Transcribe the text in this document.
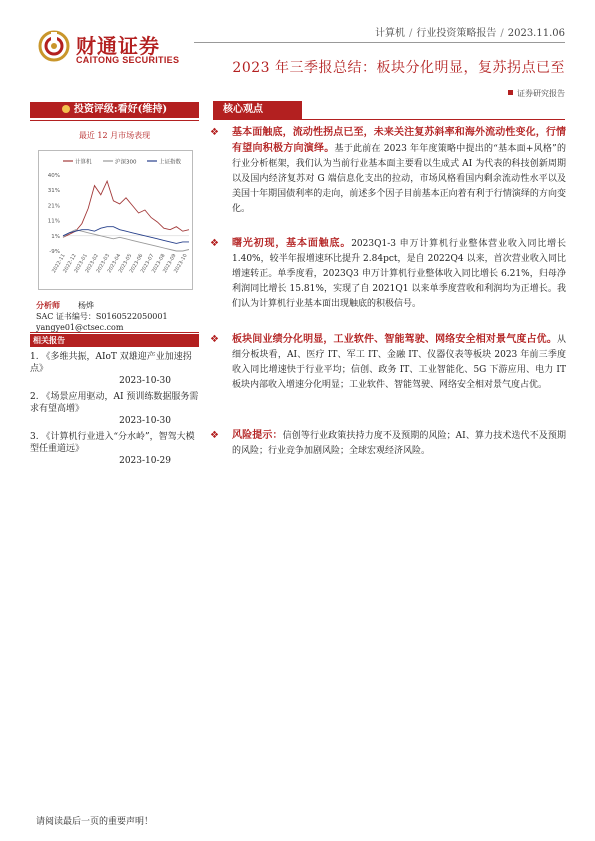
财通证券
CAITONG SECURITIES
计算机 / 行业投资策略报告 / 2023.11.06
2023 年三季报总结：板块分化明显，复苏拐点已至
证券研究报告
投资评级:看好(维持)
最近 12 月市场表现
计算机	沪深300	上证指数
40%
31%
21%
11%
1%
-9%
2022-11
2022-12
2023-01
2023-02
2023-03
2023-04
2023-05
2023-06
2023-07
2023-08
2023-09
2023-10
分析师 杨烨
SAC 证书编号：S0160522050001
yangye01@ctsec.com
相关报告
1. 《多维共振，AIoT 双雄迎产业加速拐点》
2023-10-30
2. 《场景应用驱动，AI 预训练数据服务需求有望高增》
2023-10-30
3. 《计算机行业进入“分水岭”，智驾大模型任重道远》
2023-10-29
核心观点
❖ 基本面触底，流动性拐点已至，未来关注复苏斜率和海外流动性变化，行情有望向积极方向演绎。基于此前在 2023 年年度策略中提出的“基本面+风格”的行业分析框架，我们认为当前行业基本面主要看以生成式 AI 为代表的科技创新周期以及国内经济复苏对 G 端信息化支出的拉动，市场风格看国内剩余流动性水平以及美国十年期国债利率的走向，前述多个因子目前基本正向着有利于行情演绎的方向变化。
❖ 曙光初现，基本面触底。2023Q1-3 申万计算机行业整体营业收入同比增长 1.40%，较半年报增速环比提升 2.84pct，是自 2022Q4 以来，首次营业收入同比增速转正。单季度看，2023Q3 申万计算机行业整体收入同比增长 6.21%，归母净利润同比增长 15.81%，实现了自 2021Q1 以来单季度营收和利润均为正增长。我们认为计算机行业基本面出现触底的积极信号。
❖ 板块间业绩分化明显，工业软件、智能驾驶、网络安全相对景气度占优。从细分板块看，AI、医疗 IT、军工 IT、金融 IT、仪器仪表等板块 2023 年前三季度收入同比增速快于行业平均；信创、政务 IT、工业智能化、5G 下游应用、电力 IT 板块内部收入增速分化明显；工业软件、智能驾驶、网络安全相对景气度占优。
❖ 风险提示：信创等行业政策扶持力度不及预期的风险；AI、算力技术迭代不及预期的风险；行业竞争加剧风险；全球宏观经济风险。
请阅读最后一页的重要声明！
